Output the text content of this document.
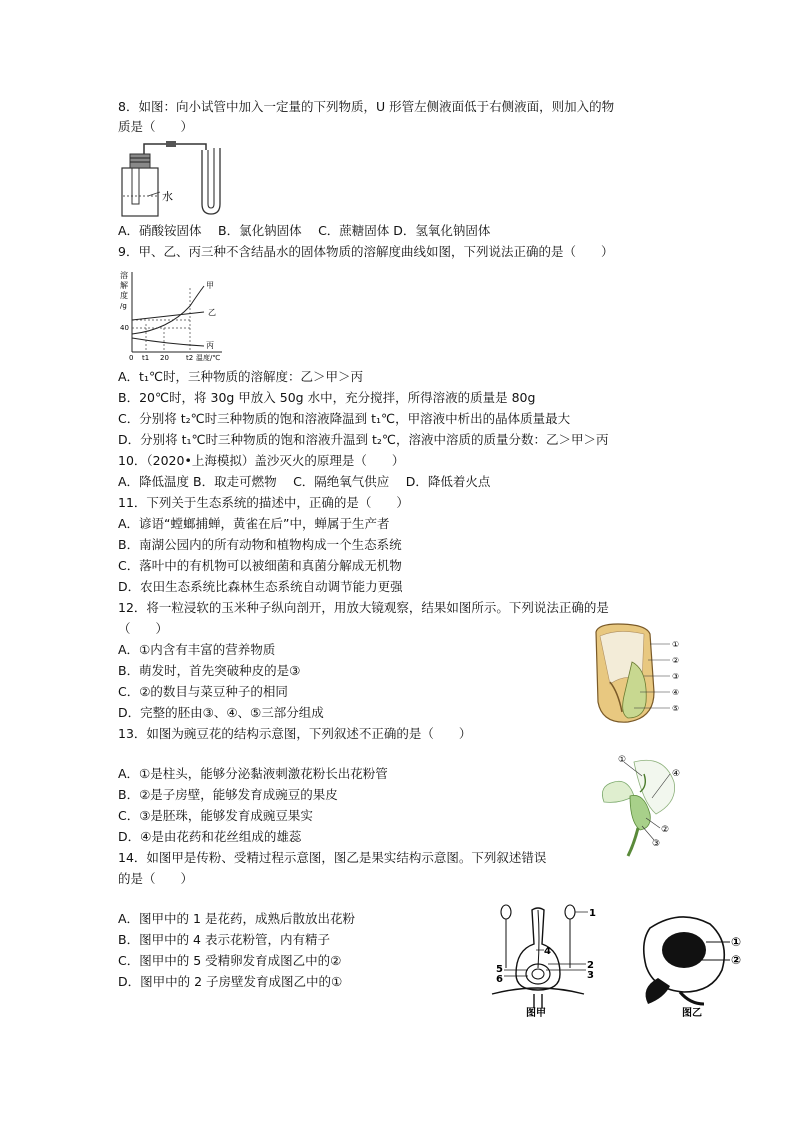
8．如图：向小试管中加入一定量的下列物质，U 形管左侧液面低于右侧液面，则加入的物
质是（　　）
水
A．硝酸铵固体　 B．氯化钠固体　 C．蔗糖固体 D．氢氧化钠固体
9．甲、乙、丙三种不含结晶水的固体物质的溶解度曲线如图，下列说法正确的是（　　）
溶
解
度
/g
40
0 t1 20 t2 温度/℃
甲
乙
丙
A．t₁℃时，三种物质的溶解度：乙＞甲＞丙
B．20℃时，将 30g 甲放入 50g 水中，充分搅拌，所得溶液的质量是 80g
C．分别将 t₂℃时三种物质的饱和溶液降温到 t₁℃，甲溶液中析出的晶体质量最大
D．分别将 t₁℃时三种物质的饱和溶液升温到 t₂℃，溶液中溶质的质量分数：乙＞甲＞丙
10．（2020•上海模拟）盖沙灭火的原理是（　　）
A．降低温度 B．取走可燃物　 C．隔绝氧气供应　 D．降低着火点
11．下列关于生态系统的描述中，正确的是（　　）
A．谚语“螳螂捕蝉，黄雀在后”中，蝉属于生产者
B．南湖公园内的所有动物和植物构成一个生态系统
C．落叶中的有机物可以被细菌和真菌分解成无机物
D．农田生态系统比森林生态系统自动调节能力更强
12．将一粒浸软的玉米种子纵向剖开，用放大镜观察，结果如图所示。下列说法正确的是
（　　）
A．①内含有丰富的营养物质
B．萌发时，首先突破种皮的是③
C．②的数目与菜豆种子的相同
D．完整的胚由③、④、⑤三部分组成
①
②
③
④
⑤
13．如图为豌豆花的结构示意图，下列叙述不正确的是（　　）
A．①是柱头，能够分泌黏液刺激花粉长出花粉管
B．②是子房壁，能够发育成豌豆的果皮
C．③是胚珠，能够发育成豌豆果实
D．④是由花药和花丝组成的雄蕊
①
②
③
④
14．如图甲是传粉、受精过程示意图，图乙是果实结构示意图。下列叙述错误
的是（　　）
A．图甲中的 1 是花药，成熟后散放出花粉
B．图甲中的 4 表示花粉管，内有精子
C．图甲中的 5 受精卵发育成图乙中的②
D．图甲中的 2 子房壁发育成图乙中的①
1
2
3
4
5
6
图甲
①
②
图乙
